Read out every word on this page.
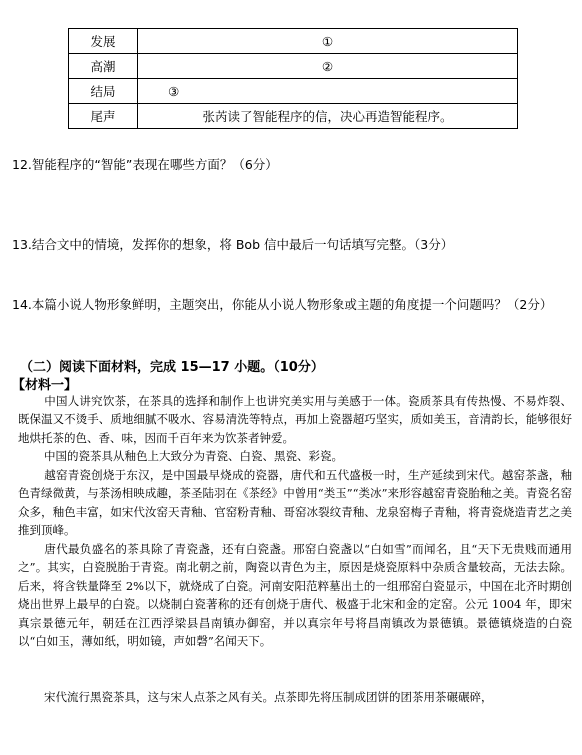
发展	①
高潮	②
结局	③
尾声	张芮读了智能程序的信，决心再造智能程序。
12.智能程序的“智能”表现在哪些方面？（6分）
13.结合文中的情境，发挥你的想象，将 Bob 信中最后一句话填写完整。（3分）
14.本篇小说人物形象鲜明，主题突出，你能从小说人物形象或主题的角度提一个问题吗？（2分）
（二）阅读下面材料，完成 15—17 小题。（10分）
【材料一】

中国人讲究饮茶，在茶具的选择和制作上也讲究美实用与美感于一体。瓷质茶具有传热慢、不易炸裂、既保温又不烫手、质地细腻不吸水、容易清洗等特点，再加上瓷器超巧坚实，质如美玉，音清韵长，能够很好地烘托茶的色、香、味，因而千百年来为饮茶者钟爱。

中国的瓷茶具从釉色上大致分为青瓷、白瓷、黑瓷、彩瓷。

越窑青瓷创烧于东汉，是中国最早烧成的瓷器，唐代和五代盛极一时，生产延续到宋代。越窑茶盏，釉色青绿微黄，与茶汤相映成趣，茶圣陆羽在《茶经》中曾用“类玉”“类冰”来形容越窑青瓷胎釉之美。青瓷名窑众多，釉色丰富，如宋代汝窑天青釉、官窑粉青釉、哥窑冰裂纹青釉、龙泉窑梅子青釉，将青瓷烧造青艺之美推到顶峰。

唐代最负盛名的茶具除了青瓷盏，还有白瓷盏。邢窑白瓷盏以“白如雪”而闻名，且“天下无贵贱而通用之”。其实，白瓷脱胎于青瓷。南北朝之前，陶瓷以青色为主，原因是烧瓷原料中杂质含量较高，无法去除。后来，将含铁量降至 2%以下，就烧成了白瓷。河南安阳范粹墓出土的一组邢窑白瓷显示，中国在北齐时期创烧出世界上最早的白瓷。以烧制白瓷著称的还有创烧于唐代、极盛于北宋和金的定窑。公元 1004 年，即宋真宗景德元年，朝廷在江西浮梁县昌南镇办御窑，并以真宗年号将昌南镇改为景德镇。景德镇烧造的白瓷以“白如玉，薄如纸，明如镜，声如磬”名闻天下。

宋代流行黑瓷茶具，这与宋人点茶之风有关。点茶即先将压制成团饼的团茶用茶碾碾碎，
